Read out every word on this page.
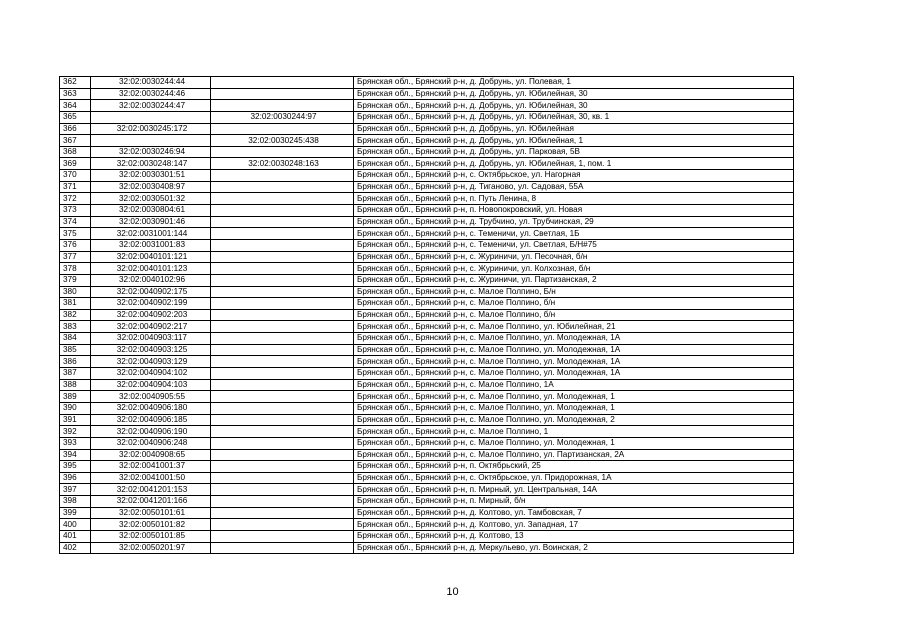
362	32:02:0030244:44		Брянская обл., Брянский р-н, д. Добрунь, ул. Полевая, 1
363	32:02:0030244:46		Брянская обл., Брянский р-н, д. Добрунь, ул. Юбилейная, 30
364	32:02:0030244:47		Брянская обл., Брянский р-н, д. Добрунь, ул. Юбилейная, 30
365		32:02:0030244:97	Брянская обл., Брянский р-н, д. Добрунь, ул. Юбилейная, 30, кв. 1
366	32:02:0030245:172		Брянская обл., Брянский р-н, д. Добрунь, ул. Юбилейная
367		32:02:0030245:438	Брянская обл., Брянский р-н, д. Добрунь, ул. Юбилейная, 1
368	32:02:0030246:94		Брянская обл., Брянский р-н, д. Добрунь, ул. Парковая, 5В
369	32:02:0030248:147	32:02:0030248:163	Брянская обл., Брянский р-н, д. Добрунь, ул. Юбилейная, 1, пом. 1
370	32:02:0030301:51		Брянская обл., Брянский р-н, с. Октябрьское, ул. Нагорная
371	32:02:0030408:97		Брянская обл., Брянский р-н, д. Тиганово, ул. Садовая, 55А
372	32:02:0030501:32		Брянская обл., Брянский р-н, п. Путь Ленина, 8
373	32:02:0030804:61		Брянская обл., Брянский р-н, п. Новопокровский, ул. Новая
374	32:02:0030901:46		Брянская обл., Брянский р-н, д. Трубчино, ул. Трубчинская, 29
375	32:02:0031001:144		Брянская обл., Брянский р-н, с. Теменичи, ул. Светлая, 1Б
376	32:02:0031001:83		Брянская обл., Брянский р-н, с. Теменичи, ул. Светлая, Б/Н#75
377	32:02:0040101:121		Брянская обл., Брянский р-н, с. Журиничи, ул. Песочная, б/н
378	32:02:0040101:123		Брянская обл., Брянский р-н, с. Журиничи, ул. Колхозная, б/н
379	32:02:0040102:96		Брянская обл., Брянский р-н, с. Журиничи, ул. Партизанская, 2
380	32:02:0040902:175		Брянская обл., Брянский р-н, с. Малое Полпино, Б/н
381	32:02:0040902:199		Брянская обл., Брянский р-н, с. Малое Полпино, б/н
382	32:02:0040902:203		Брянская обл., Брянский р-н, с. Малое Полпино, б/н
383	32:02:0040902:217		Брянская обл., Брянский р-н, с. Малое Полпино, ул. Юбилейная, 21
384	32:02:0040903:117		Брянская обл., Брянский р-н, с. Малое Полпино, ул. Молодежная, 1А
385	32:02:0040903:125		Брянская обл., Брянский р-н, с. Малое Полпино, ул. Молодежная, 1А
386	32:02:0040903:129		Брянская обл., Брянский р-н, с. Малое Полпино, ул. Молодежная, 1А
387	32:02:0040904:102		Брянская обл., Брянский р-н, с. Малое Полпино, ул. Молодежная, 1А
388	32:02:0040904:103		Брянская обл., Брянский р-н, с. Малое Полпино, 1А
389	32:02:0040905:55		Брянская обл., Брянский р-н, с. Малое Полпино, ул. Молодежная, 1
390	32:02:0040906:180		Брянская обл., Брянский р-н, с. Малое Полпино, ул. Молодежная, 1
391	32:02:0040906:185		Брянская обл., Брянский р-н, с. Малое Полпино, ул. Молодежная, 2
392	32:02:0040906:190		Брянская обл., Брянский р-н, с. Малое Полпино, 1
393	32:02:0040906:248		Брянская обл., Брянский р-н, с. Малое Полпино, ул. Молодежная, 1
394	32:02:0040908:65		Брянская обл., Брянский р-н, с. Малое Полпино, ул. Партизанская, 2А
395	32:02:0041001:37		Брянская обл., Брянский р-н, п. Октябрьский, 25
396	32:02:0041001:50		Брянская обл., Брянский р-н, с. Октябрьское, ул. Придорожная, 1А
397	32:02:0041201:153		Брянская обл., Брянский р-н, п. Мирный, ул. Центральная, 14А
398	32:02:0041201:166		Брянская обл., Брянский р-н, п. Мирный, б/н
399	32:02:0050101:61		Брянская обл., Брянский р-н, д. Колтово, ул. Тамбовская, 7
400	32:02:0050101:82		Брянская обл., Брянский р-н, д. Колтово, ул. Западная, 17
401	32:02:0050101:85		Брянская обл., Брянский р-н, д. Колтово, 13
402	32:02:0050201:97		Брянская обл., Брянский р-н, д. Меркульево, ул. Воинская, 2
10
